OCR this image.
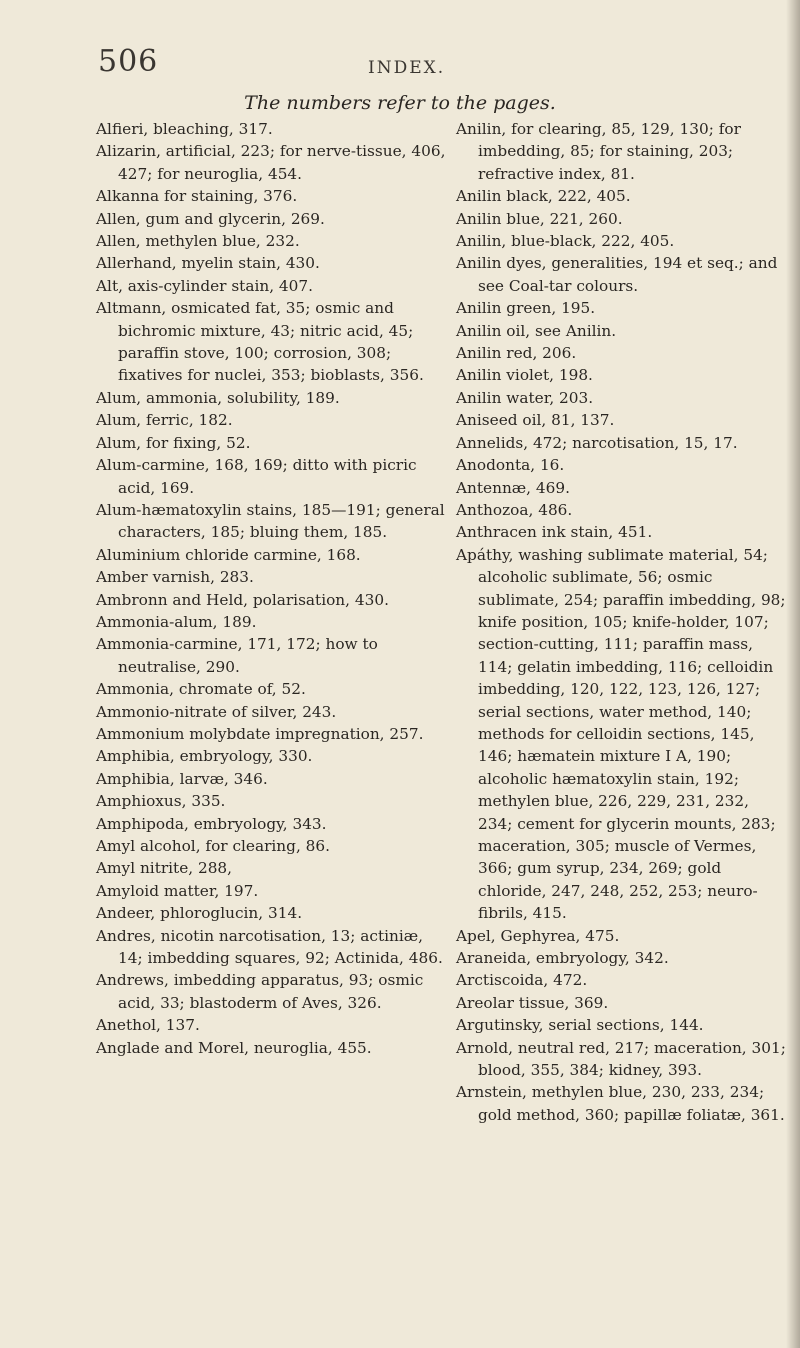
506	INDEX.
The numbers refer to the pages.

Alfieri, bleaching, 317.

Alizarin, artificial, 223; for nerve-tissue, 406, 427; for neuroglia, 454.

Alkanna for staining, 376.

Allen, gum and glycerin, 269.

Allen, methylen blue, 232.

Allerhand, myelin stain, 430.

Alt, axis-cylinder stain, 407.

Altmann, osmicated fat, 35; osmic and bichromic mixture, 43; nitric acid, 45; paraffin stove, 100; corrosion, 308; fixatives for nuclei, 353; bioblasts, 356.

Alum, ammonia, solubility, 189.

Alum, ferric, 182.

Alum, for fixing, 52.

Alum-carmine, 168, 169; ditto with picric acid, 169.

Alum-hæmatoxylin stains, 185—191; general characters, 185; bluing them, 185.

Aluminium chloride carmine, 168.

Amber varnish, 283.

Ambronn and Held, polarisation, 430.

Ammonia-alum, 189.

Ammonia-carmine, 171, 172; how to neutralise, 290.

Ammonia, chromate of, 52.

Ammonio-nitrate of silver, 243.

Ammonium molybdate impregnation, 257.

Amphibia, embryology, 330.

Amphibia, larvæ, 346.

Amphioxus, 335.

Amphipoda, embryology, 343.

Amyl alcohol, for clearing, 86.

Amyl nitrite, 288,

Amyloid matter, 197.

Andeer, phloroglucin, 314.

Andres, nicotin narcotisation, 13; actiniæ, 14; imbedding squares, 92; Actinida, 486.

Andrews, imbedding apparatus, 93; osmic acid, 33; blastoderm of Aves, 326.

Anethol, 137.

Anglade and Morel, neuroglia, 455.

Anilin, for clearing, 85, 129, 130; for imbedding, 85; for staining, 203; refractive index, 81.

Anilin black, 222, 405.

Anilin blue, 221, 260.

Anilin, blue-black, 222, 405.

Anilin dyes, generalities, 194 et seq.; and see Coal-tar colours.

Anilin green, 195.

Anilin oil, see Anilin.

Anilin red, 206.

Anilin violet, 198.

Anilin water, 203.

Aniseed oil, 81, 137.

Annelids, 472; narcotisation, 15, 17.

Anodonta, 16.

Antennæ, 469.

Anthozoa, 486.

Anthracen ink stain, 451.

Apáthy, washing sublimate material, 54; alcoholic sublimate, 56; osmic sublimate, 254; paraffin imbedding, 98; knife position, 105; knife-holder, 107; section-cutting, 111; paraffin mass, 114; gelatin imbedding, 116; celloidin imbedding, 120, 122, 123, 126, 127; serial sections, water method, 140; methods for celloidin sections, 145, 146; hæmatein mixture I A, 190; alcoholic hæmatoxylin stain, 192; methylen blue, 226, 229, 231, 232, 234; cement for glycerin mounts, 283; maceration, 305; muscle of Vermes, 366; gum syrup, 234, 269; gold chloride, 247, 248, 252, 253; neuro-fibrils, 415.

Apel, Gephyrea, 475.

Araneida, embryology, 342.

Arctiscoida, 472.

Areolar tissue, 369.

Argutinsky, serial sections, 144.

Arnold, neutral red, 217; maceration, 301; blood, 355, 384; kidney, 393.

Arnstein, methylen blue, 230, 233, 234; gold method, 360; papillæ foliatæ, 361.
